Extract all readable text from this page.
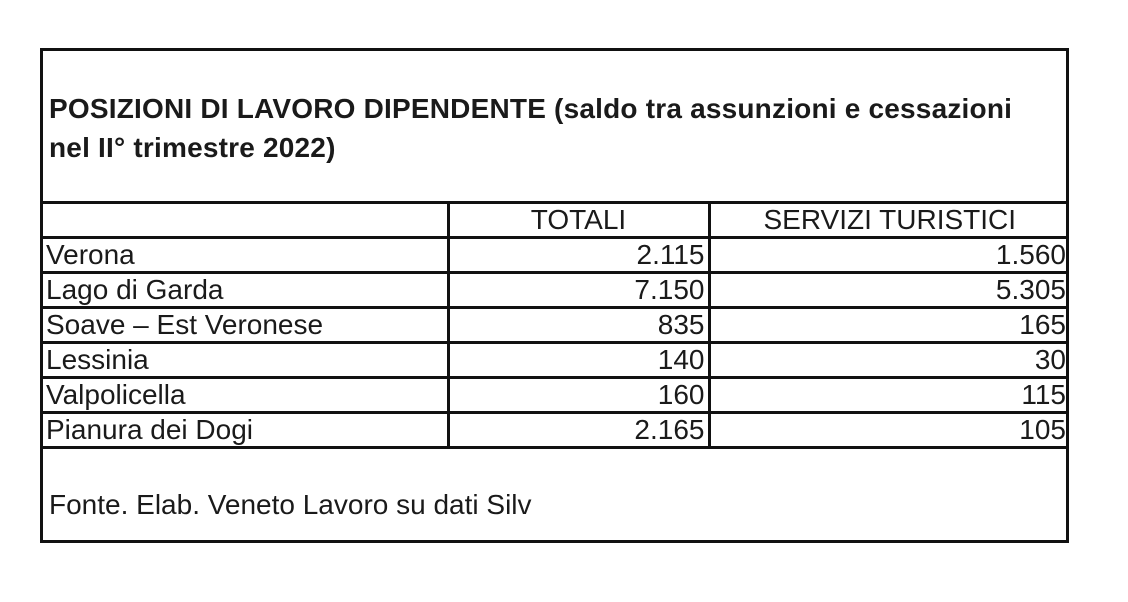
POSIZIONI DI LAVORO DIPENDENTE (saldo tra assunzioni e cessazioni nel II° trimestre 2022)
	TOTALI	SERVIZI TURISTICI
Verona	2.115	1.560
Lago di Garda	7.150	5.305
Soave – Est Veronese	835	165
Lessinia	140	30
Valpolicella	160	115
Pianura dei Dogi	2.165	105
Fonte. Elab. Veneto Lavoro su dati Silv
